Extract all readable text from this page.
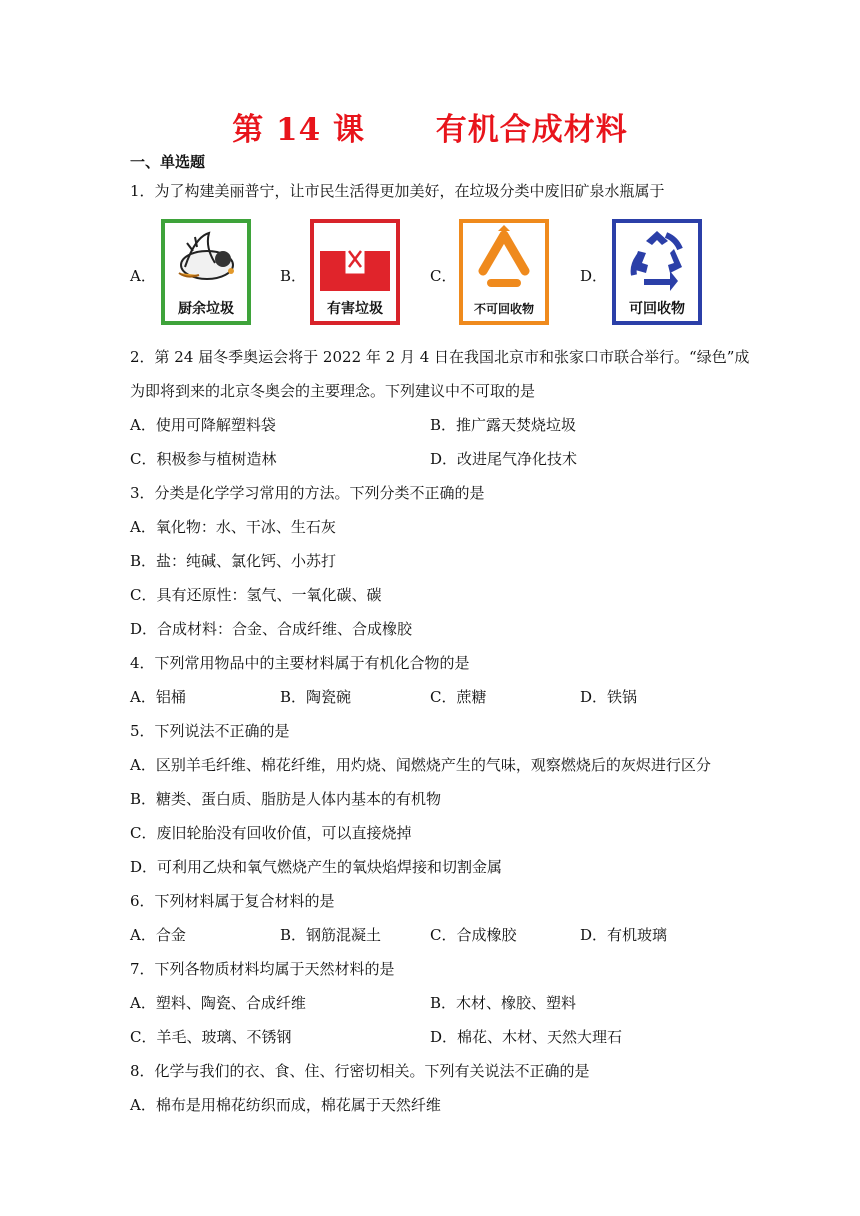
第 14 课      有机合成材料
一、单选题
1．为了构建美丽普宁，让市民生活得更加美好，在垃圾分类中废旧矿泉水瓶属于
A．
厨余垃圾
B．
有害垃圾
C．
不可回收物
D．
可回收物
2．第 24 届冬季奥运会将于 2022 年 2 月 4 日在我国北京市和张家口市联合举行。“绿色”成
为即将到来的北京冬奥会的主要理念。下列建议中不可取的是
A．使用可降解塑料袋	B．推广露天焚烧垃圾
C．积极参与植树造林	D．改进尾气净化技术
3．分类是化学学习常用的方法。下列分类不正确的是
A．氧化物：水、干冰、生石灰
B．盐：纯碱、氯化钙、小苏打
C．具有还原性：氢气、一氧化碳、碳
D．合成材料：合金、合成纤维、合成橡胶
4．下列常用物品中的主要材料属于有机化合物的是
A．铝桶	B．陶瓷碗	C．蔗糖	D．铁锅
5．下列说法不正确的是
A．区别羊毛纤维、棉花纤维，用灼烧、闻燃烧产生的气味，观察燃烧后的灰烬进行区分
B．糖类、蛋白质、脂肪是人体内基本的有机物
C．废旧轮胎没有回收价值，可以直接烧掉
D．可利用乙炔和氧气燃烧产生的氧炔焰焊接和切割金属
6．下列材料属于复合材料的是
A．合金	B．钢筋混凝土	C．合成橡胶	D．有机玻璃
7．下列各物质材料均属于天然材料的是
A．塑料、陶瓷、合成纤维	B．木材、橡胶、塑料
C．羊毛、玻璃、不锈钢	D．棉花、木材、天然大理石
8．化学与我们的衣、食、住、行密切相关。下列有关说法不正确的是
A．棉布是用棉花纺织而成，棉花属于天然纤维
